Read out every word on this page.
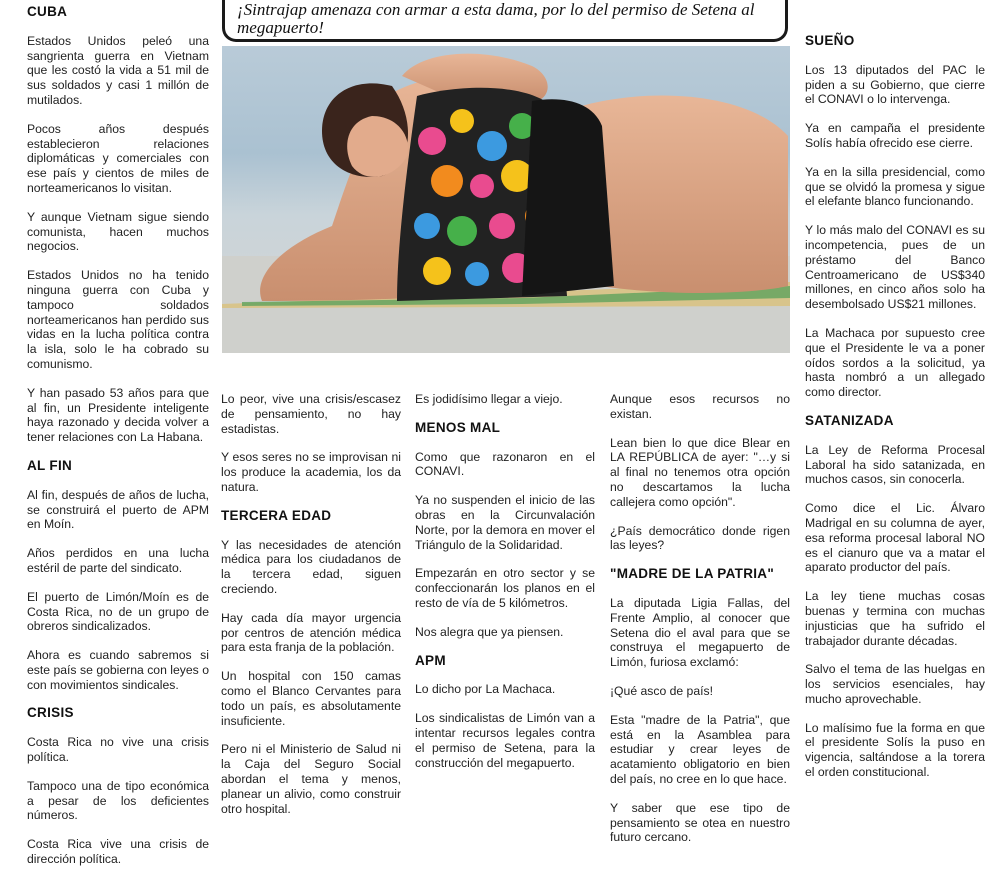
CUBA

Estados Unidos peleó una sangrienta guerra en Vietnam que les costó la vida a 51 mil de sus soldados y casi 1 millón de mutilados.

Pocos años después establecieron relaciones diplomáticas y comerciales con ese país y cientos de miles de norteamericanos lo visitan.

Y aunque Vietnam sigue siendo comunista, hacen muchos negocios.

Estados Unidos no ha tenido ninguna guerra con Cuba y tampoco soldados norteamericanos han perdido sus vidas en la lucha política contra la isla, solo le ha cobrado su comunismo.

Y han pasado 53 años para que al fin, un Presidente inteligente haya razonado y decida volver a tener relaciones con La Habana.

AL FIN

Al fin, después de años de lucha, se construirá el puerto de APM en Moín.

Años perdidos en una lucha estéril de parte del sindicato.

El puerto de Limón/Moín es de Costa Rica, no de un grupo de obreros sindicalizados.

Ahora es cuando sabremos si este país se gobierna con leyes o con movimientos sindicales.

CRISIS

Costa Rica no vive una crisis política.

Tampoco una de tipo económica a pesar de los deficientes números.

Costa Rica vive una crisis de dirección política.

¡Sintrajap amenaza con armar a esta dama, por lo del permiso de Setena al megapuerto!

Lo peor, vive una crisis/escasez de pensamiento, no hay estadistas.

Y esos seres no se improvisan ni los produce la academia, los da natura.

TERCERA EDAD

Y las necesidades de atención médica para los ciudadanos de la tercera edad, siguen creciendo.

Hay cada día mayor urgencia por centros de atención médica para esta franja de la población.

Un hospital con 150 camas como el Blanco Cervantes para todo un país, es absolutamente insuficiente.

Pero ni el Ministerio de Salud ni la Caja del Seguro Social abordan el tema y menos, planear un alivio, como construir otro hospital.

Es jodidísimo llegar a viejo.

MENOS MAL

Como que razonaron en el CONAVI.

Ya no suspenden el inicio de las obras en la Circunvalación Norte, por la demora en mover el Triángulo de la Solidaridad.

Empezarán en otro sector y se confeccionarán los planos en el resto de vía de 5 kilómetros.

Nos alegra que ya piensen.

APM

Lo dicho por La Machaca.

Los sindicalistas de Limón van a intentar recursos legales contra el permiso de Setena, para la construcción del megapuerto.

Aunque esos recursos no existan.

Lean bien lo que dice Blear en LA REPÚBLICA de ayer: "…y si al final no tenemos otra opción no descartamos la lucha callejera como opción".

¿País democrático donde rigen las leyes?

"MADRE DE LA PATRIA"

La diputada Ligia Fallas, del Frente Amplio, al conocer que Setena dio el aval para que se construya el megapuerto de Limón, furiosa exclamó:

¡Qué asco de país!

Esta "madre de la Patria", que está en la Asamblea para estudiar y crear leyes de acatamiento obligatorio en bien del país, no cree en lo que hace.

Y saber que ese tipo de pensamiento se otea en nuestro futuro cercano.

SUEÑO

Los 13 diputados del PAC le piden a su Gobierno, que cierre el CONAVI o lo intervenga.

Ya en campaña el presidente Solís había ofrecido ese cierre.

Ya en la silla presidencial, como que se olvidó la promesa y sigue el elefante blanco funcionando.

Y lo más malo del CONAVI es su incompetencia, pues de un préstamo del Banco Centroamericano de US$340 millones, en cinco años solo ha desembolsado US$21 millones.

La Machaca por supuesto cree que el Presidente le va a poner oídos sordos a la solicitud, ya hasta nombró a un allegado como director.

SATANIZADA

La Ley de Reforma Procesal Laboral ha sido satanizada, en muchos casos, sin conocerla.

Como dice el Lic. Álvaro Madrigal en su columna de ayer, esa reforma procesal laboral NO es el cianuro que va a matar el aparato productor del país.

La ley tiene muchas cosas buenas y termina con muchas injusticias que ha sufrido el trabajador durante décadas.

Salvo el tema de las huelgas en los servicios esenciales, hay mucho aprovechable.

Lo malísimo fue la forma en que el presidente Solís la puso en vigencia, saltándose a la torera el orden constitucional.
